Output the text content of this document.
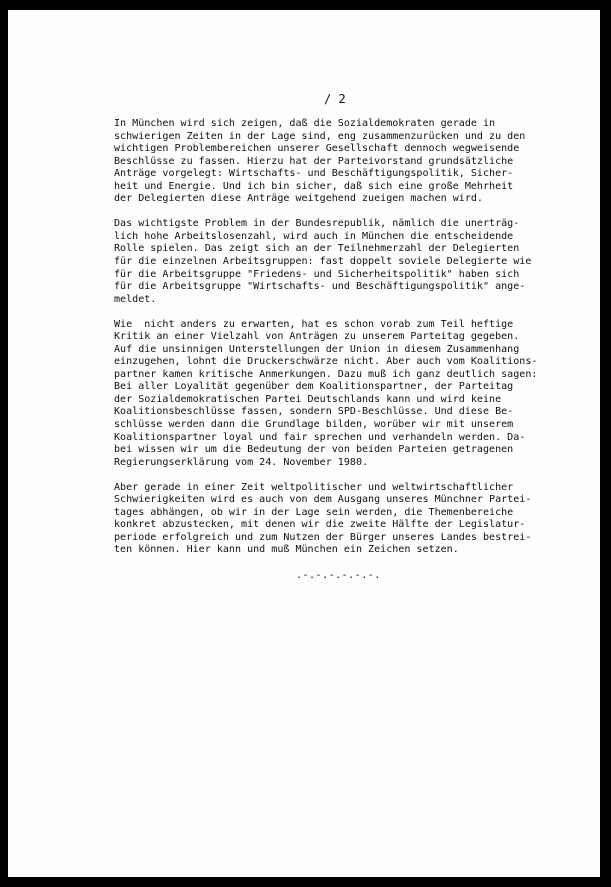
/ 2

In München wird sich zeigen, daß die Sozialdemokraten gerade in
schwierigen Zeiten in der Lage sind, eng zusammenzurücken und zu den
wichtigen Problembereichen unserer Gesellschaft dennoch wegweisende
Beschlüsse zu fassen. Hierzu hat der Parteivorstand grundsätzliche
Anträge vorgelegt: Wirtschafts- und Beschäftigungspolitik, Sicher-
heit und Energie. Und ich bin sicher, daß sich eine große Mehrheit
der Delegierten diese Anträge weitgehend zueigen machen wird.

Das wichtigste Problem in der Bundesrepublik, nämlich die unerträg-
lich hohe Arbeitslosenzahl, wird auch in München die entscheidende
Rolle spielen. Das zeigt sich an der Teilnehmerzahl der Delegierten
für die einzelnen Arbeitsgruppen: fast doppelt soviele Delegierte wie
für die Arbeitsgruppe "Friedens- und Sicherheitspolitik" haben sich
für die Arbeitsgruppe "Wirtschafts- und Beschäftigungspolitik" ange-
meldet.

Wie  nicht anders zu erwarten, hat es schon vorab zum Teil heftige
Kritik an einer Vielzahl von Anträgen zu unserem Parteitag gegeben.
Auf die unsinnigen Unterstellungen der Union in diesem Zusammenhang
einzugehen, lohnt die Druckerschwärze nicht. Aber auch vom Koalitions-
partner kamen kritische Anmerkungen. Dazu muß ich ganz deutlich sagen:
Bei aller Loyalität gegenüber dem Koalitionspartner, der Parteitag
der Sozialdemokratischen Partei Deutschlands kann und wird keine
Koalitionsbeschlüsse fassen, sondern SPD-Beschlüsse. Und diese Be-
schlüsse werden dann die Grundlage bilden, worüber wir mit unserem
Koalitionspartner loyal und fair sprechen und verhandeln werden. Da-
bei wissen wir um die Bedeutung der von beiden Parteien getragenen
Regierungserklärung vom 24. November 1980.

Aber gerade in einer Zeit weltpolitischer und weltwirtschaftlicher
Schwierigkeiten wird es auch von dem Ausgang unseres Münchner Partei-
tages abhängen, ob wir in der Lage sein werden, die Themenbereiche
konkret abzustecken, mit denen wir die zweite Hälfte der Legislatur-
periode erfolgreich und zum Nutzen der Bürger unseres Landes bestrei-
ten können. Hier kann und muß München ein Zeichen setzen.

.-.-.-.-.-.-.
